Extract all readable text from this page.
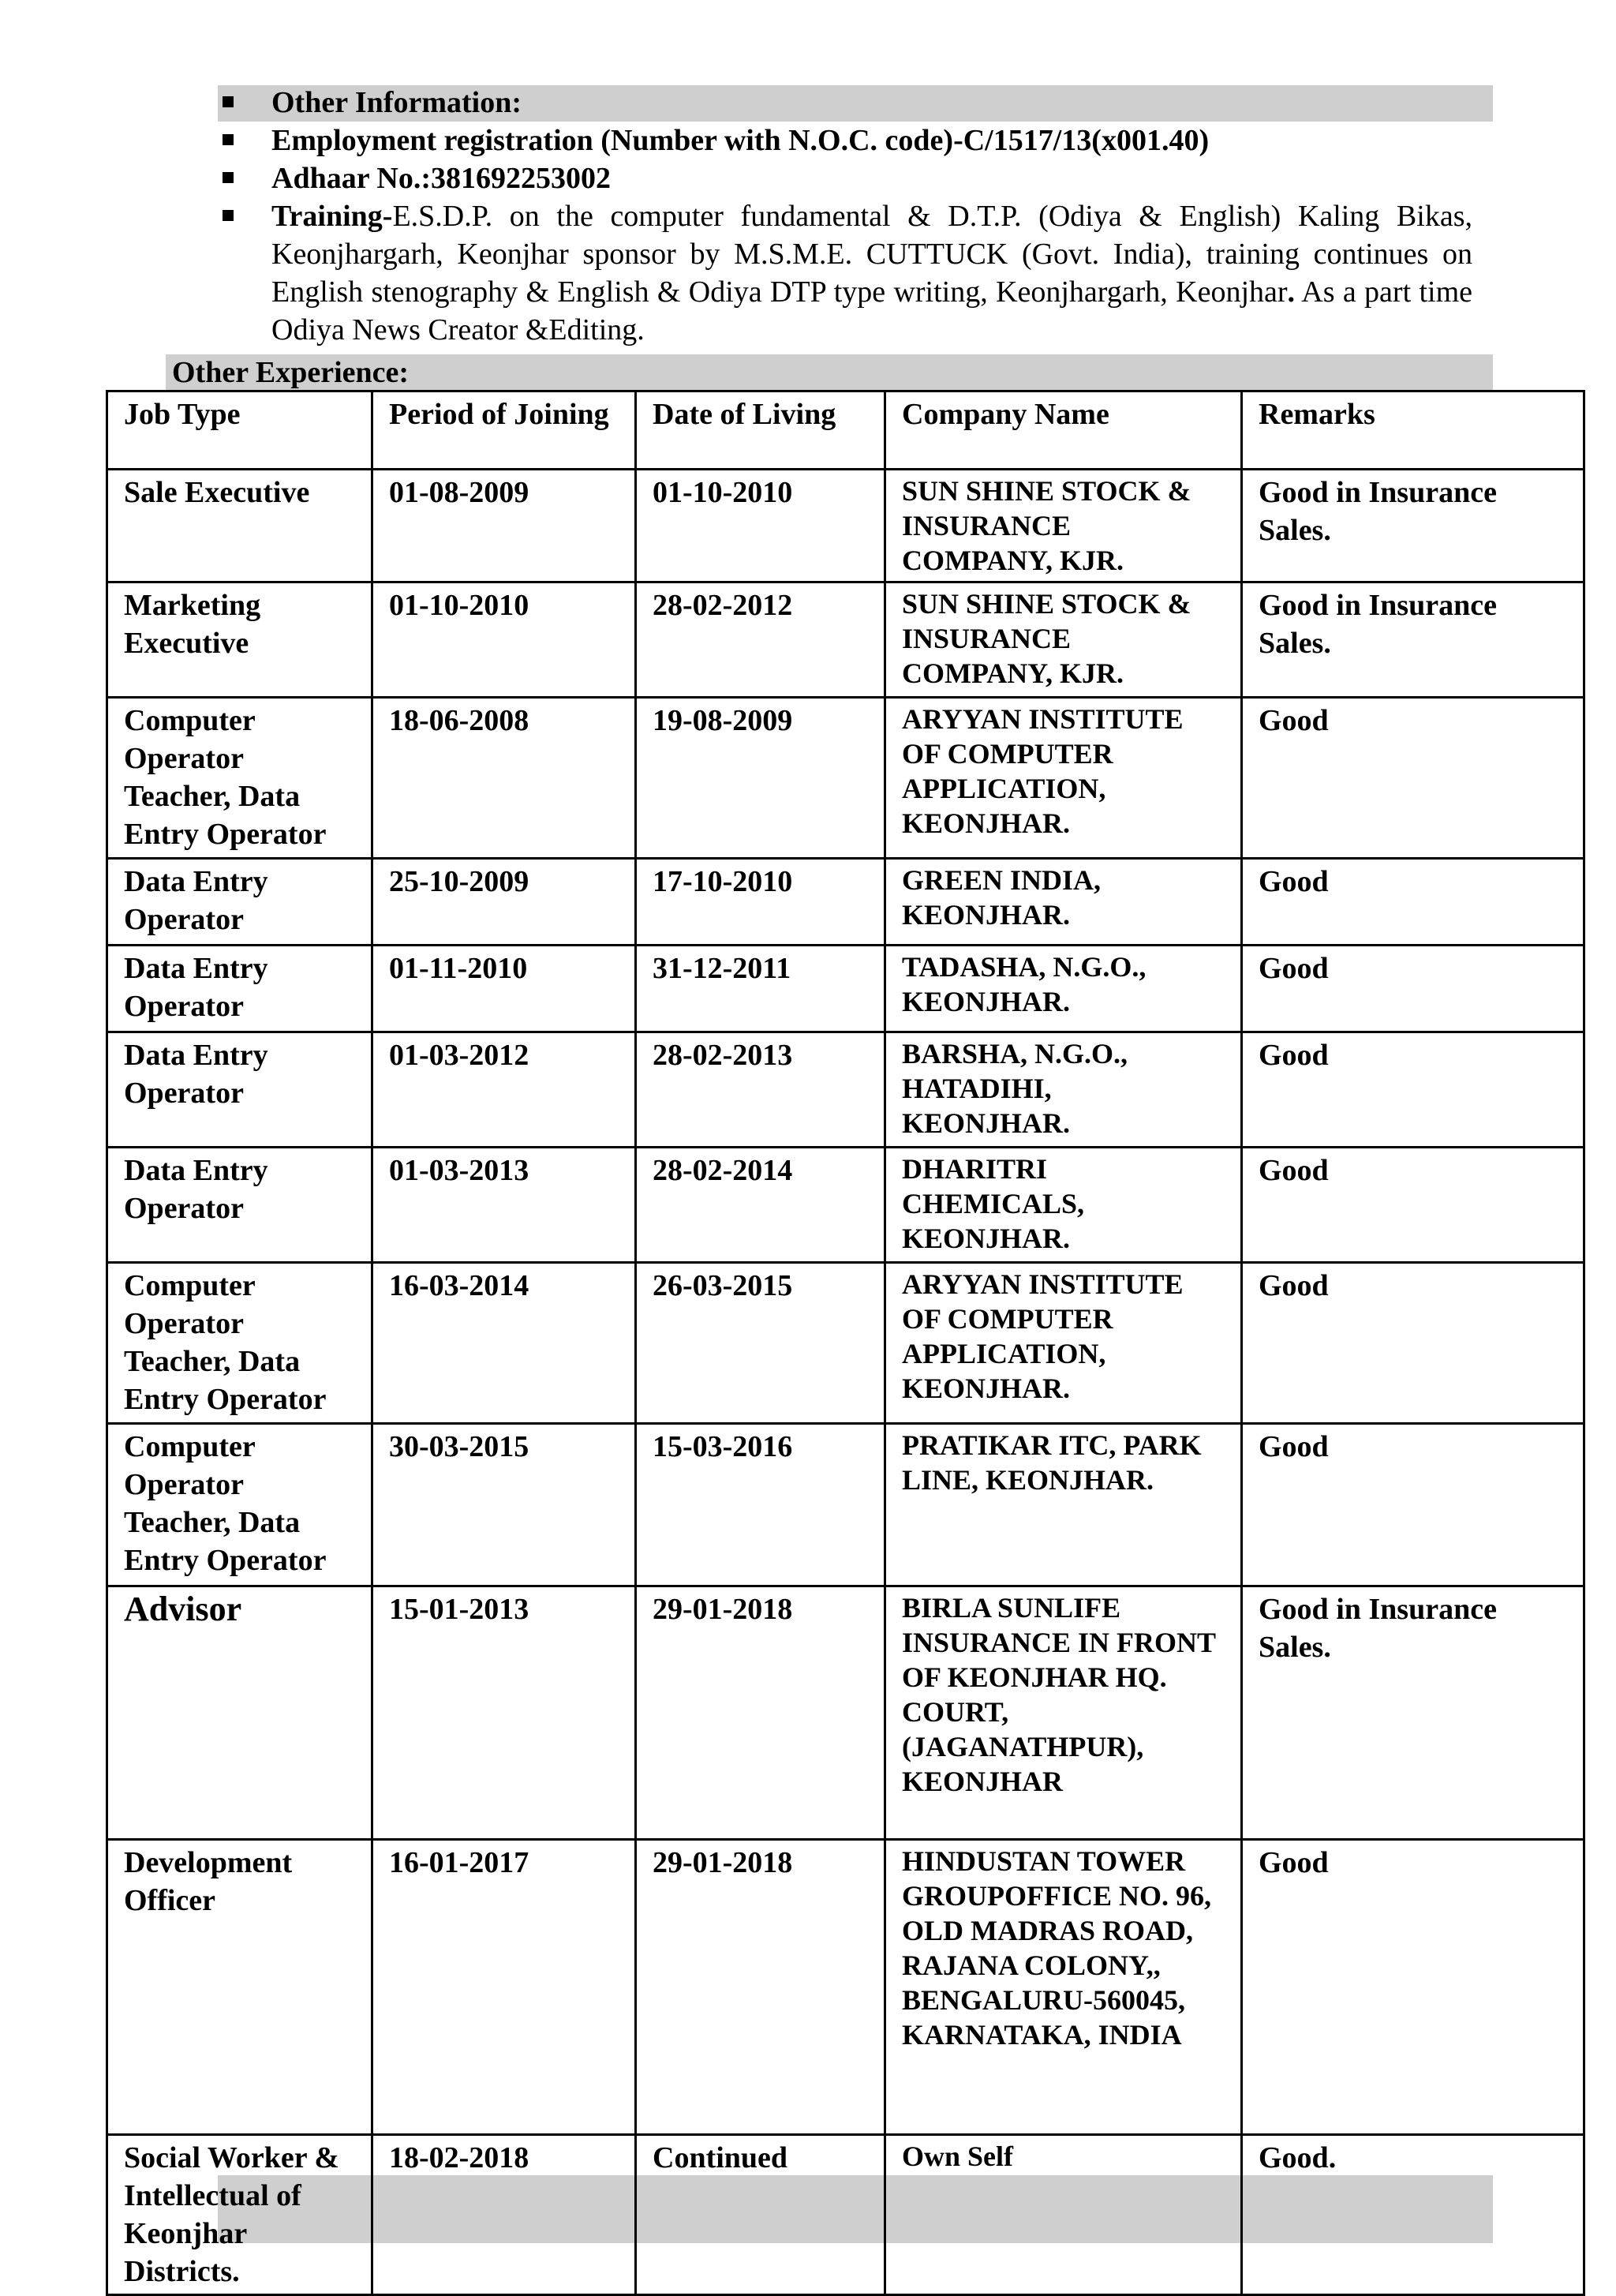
Other Information:
Employment registration (Number with N.O.C. code)-C/1517/13(x001.40)
Adhaar No.:381692253002
Training-E.S.D.P. on the computer fundamental & D.T.P. (Odiya & English) Kaling Bikas, Keonjhargarh, Keonjhar sponsor by M.S.M.E. CUTTUCK (Govt. India), training continues on English stenography & English & Odiya DTP type writing, Keonjhargarh, Keonjhar. As a part time Odiya News Creator &Editing.
Other Experience:
Job Type	Period of Joining	Date of Living	Company Name	Remarks
Sale Executive	01-08-2009	01-10-2010	SUN SHINE STOCK & INSURANCE COMPANY, KJR.	Good in Insurance Sales.
Marketing Executive	01-10-2010	28-02-2012	SUN SHINE STOCK & INSURANCE COMPANY, KJR.	Good in Insurance Sales.
Computer Operator Teacher, Data Entry Operator	18-06-2008	19-08-2009	ARYYAN INSTITUTE OF COMPUTER APPLICATION, KEONJHAR.	Good
Data Entry Operator	25-10-2009	17-10-2010	GREEN INDIA, KEONJHAR.	Good
Data Entry Operator	01-11-2010	31-12-2011	TADASHA, N.G.O., KEONJHAR.	Good
Data Entry Operator	01-03-2012	28-02-2013	BARSHA, N.G.O., HATADIHI, KEONJHAR.	Good
Data Entry Operator	01-03-2013	28-02-2014	DHARITRI CHEMICALS, KEONJHAR.	Good
Computer Operator Teacher, Data Entry Operator	16-03-2014	26-03-2015	ARYYAN INSTITUTE OF COMPUTER APPLICATION, KEONJHAR.	Good
Computer Operator Teacher, Data Entry Operator	30-03-2015	15-03-2016	PRATIKAR ITC, PARK LINE, KEONJHAR.	Good
Advisor	15-01-2013	29-01-2018	BIRLA SUNLIFE INSURANCE IN FRONT OF KEONJHAR HQ. COURT, (JAGANATHPUR), KEONJHAR	Good in Insurance Sales.
Development Officer	16-01-2017	29-01-2018	HINDUSTAN TOWER GROUPOFFICE NO. 96, OLD MADRAS ROAD, RAJANA COLONY,, BENGALURU-560045, KARNATAKA, INDIA	Good
Social Worker & Intellectual of Keonjhar Districts.	18-02-2018	Continued	Own Self	Good.
